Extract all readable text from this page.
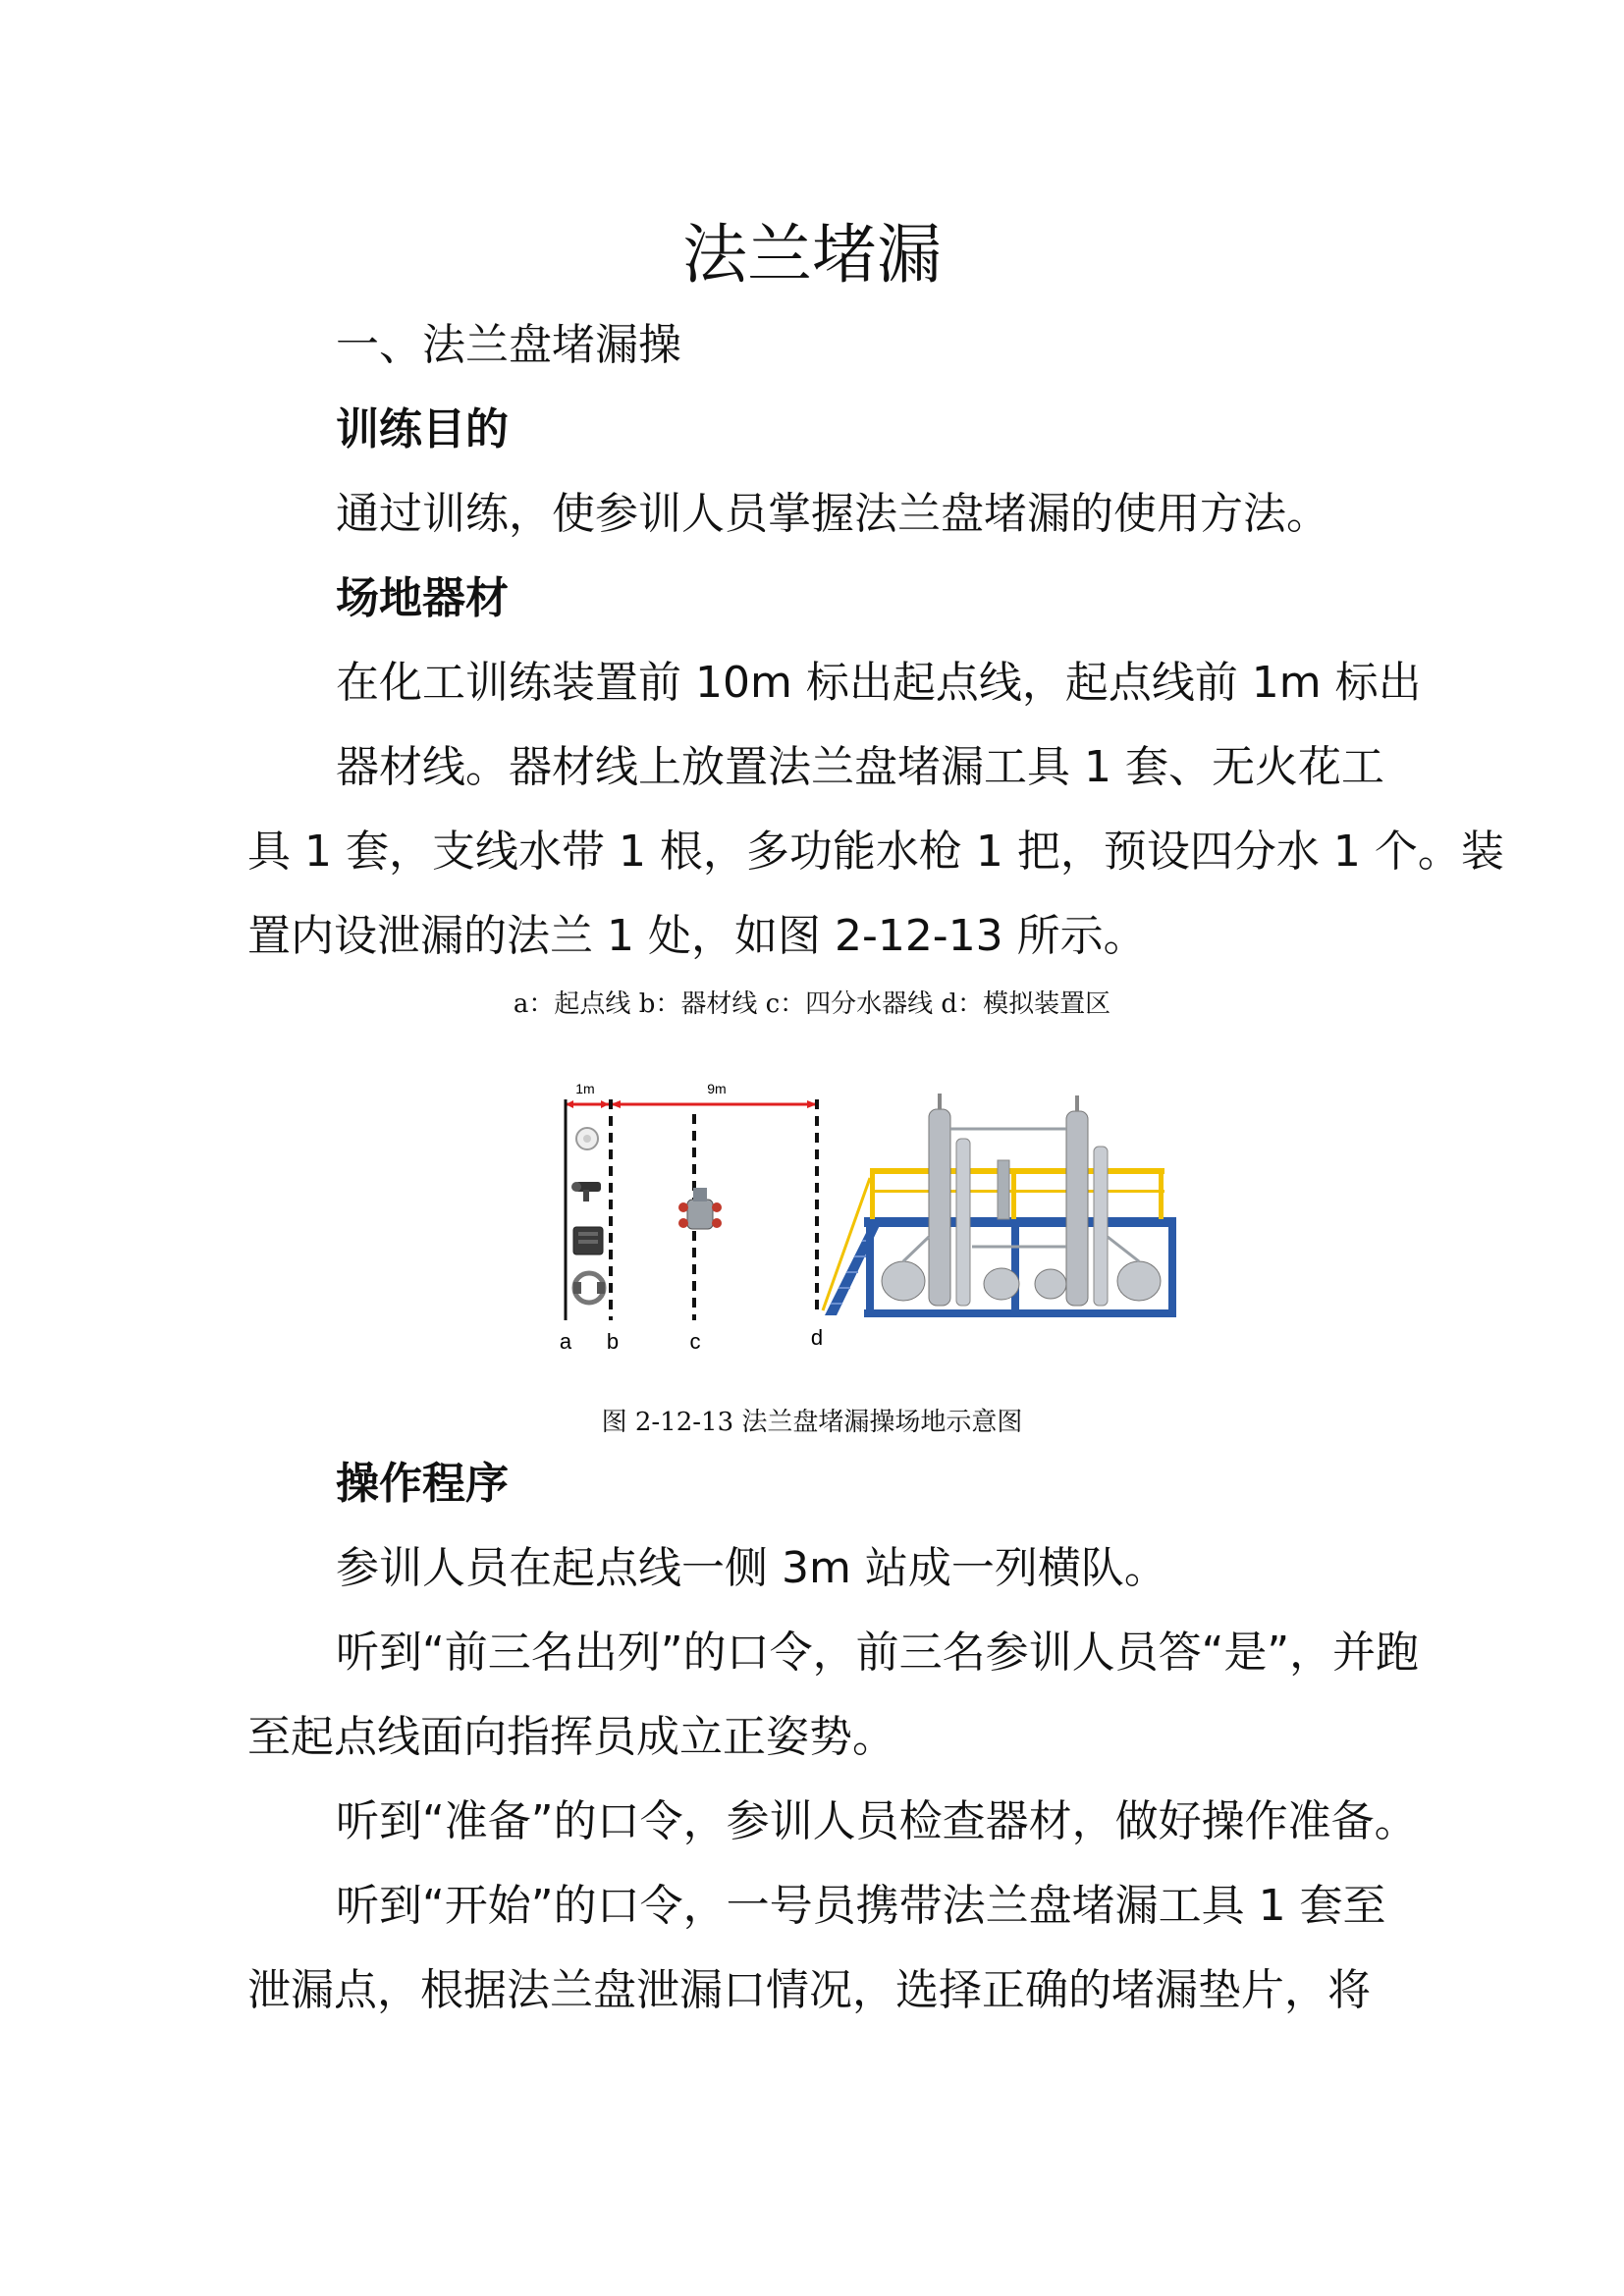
法兰堵漏
一、法兰盘堵漏操
训练目的
通过训练，使参训人员掌握法兰盘堵漏的使用方法。
场地器材
在化工训练装置前 10m 标出起点线，起点线前 1m 标出
器材线。器材线上放置法兰盘堵漏工具 1 套、无火花工
具 1 套，支线水带 1 根，多功能水枪 1 把，预设四分水 1 个。装
置内设泄漏的法兰 1 处，如图 2-12-13 所示。
a：起点线 b：器材线 c：四分水器线 d：模拟装置区
1m	9m
a b	c	d
图 2-12-13 法兰盘堵漏操场地示意图
操作程序
参训人员在起点线一侧 3m 站成一列横队。
听到“前三名出列”的口令，前三名参训人员答“是”，并跑
至起点线面向指挥员成立正姿势。
听到“准备”的口令，参训人员检查器材，做好操作准备。
听到“开始”的口令，一号员携带法兰盘堵漏工具 1 套至
泄漏点，根据法兰盘泄漏口情况，选择正确的堵漏垫片，将
